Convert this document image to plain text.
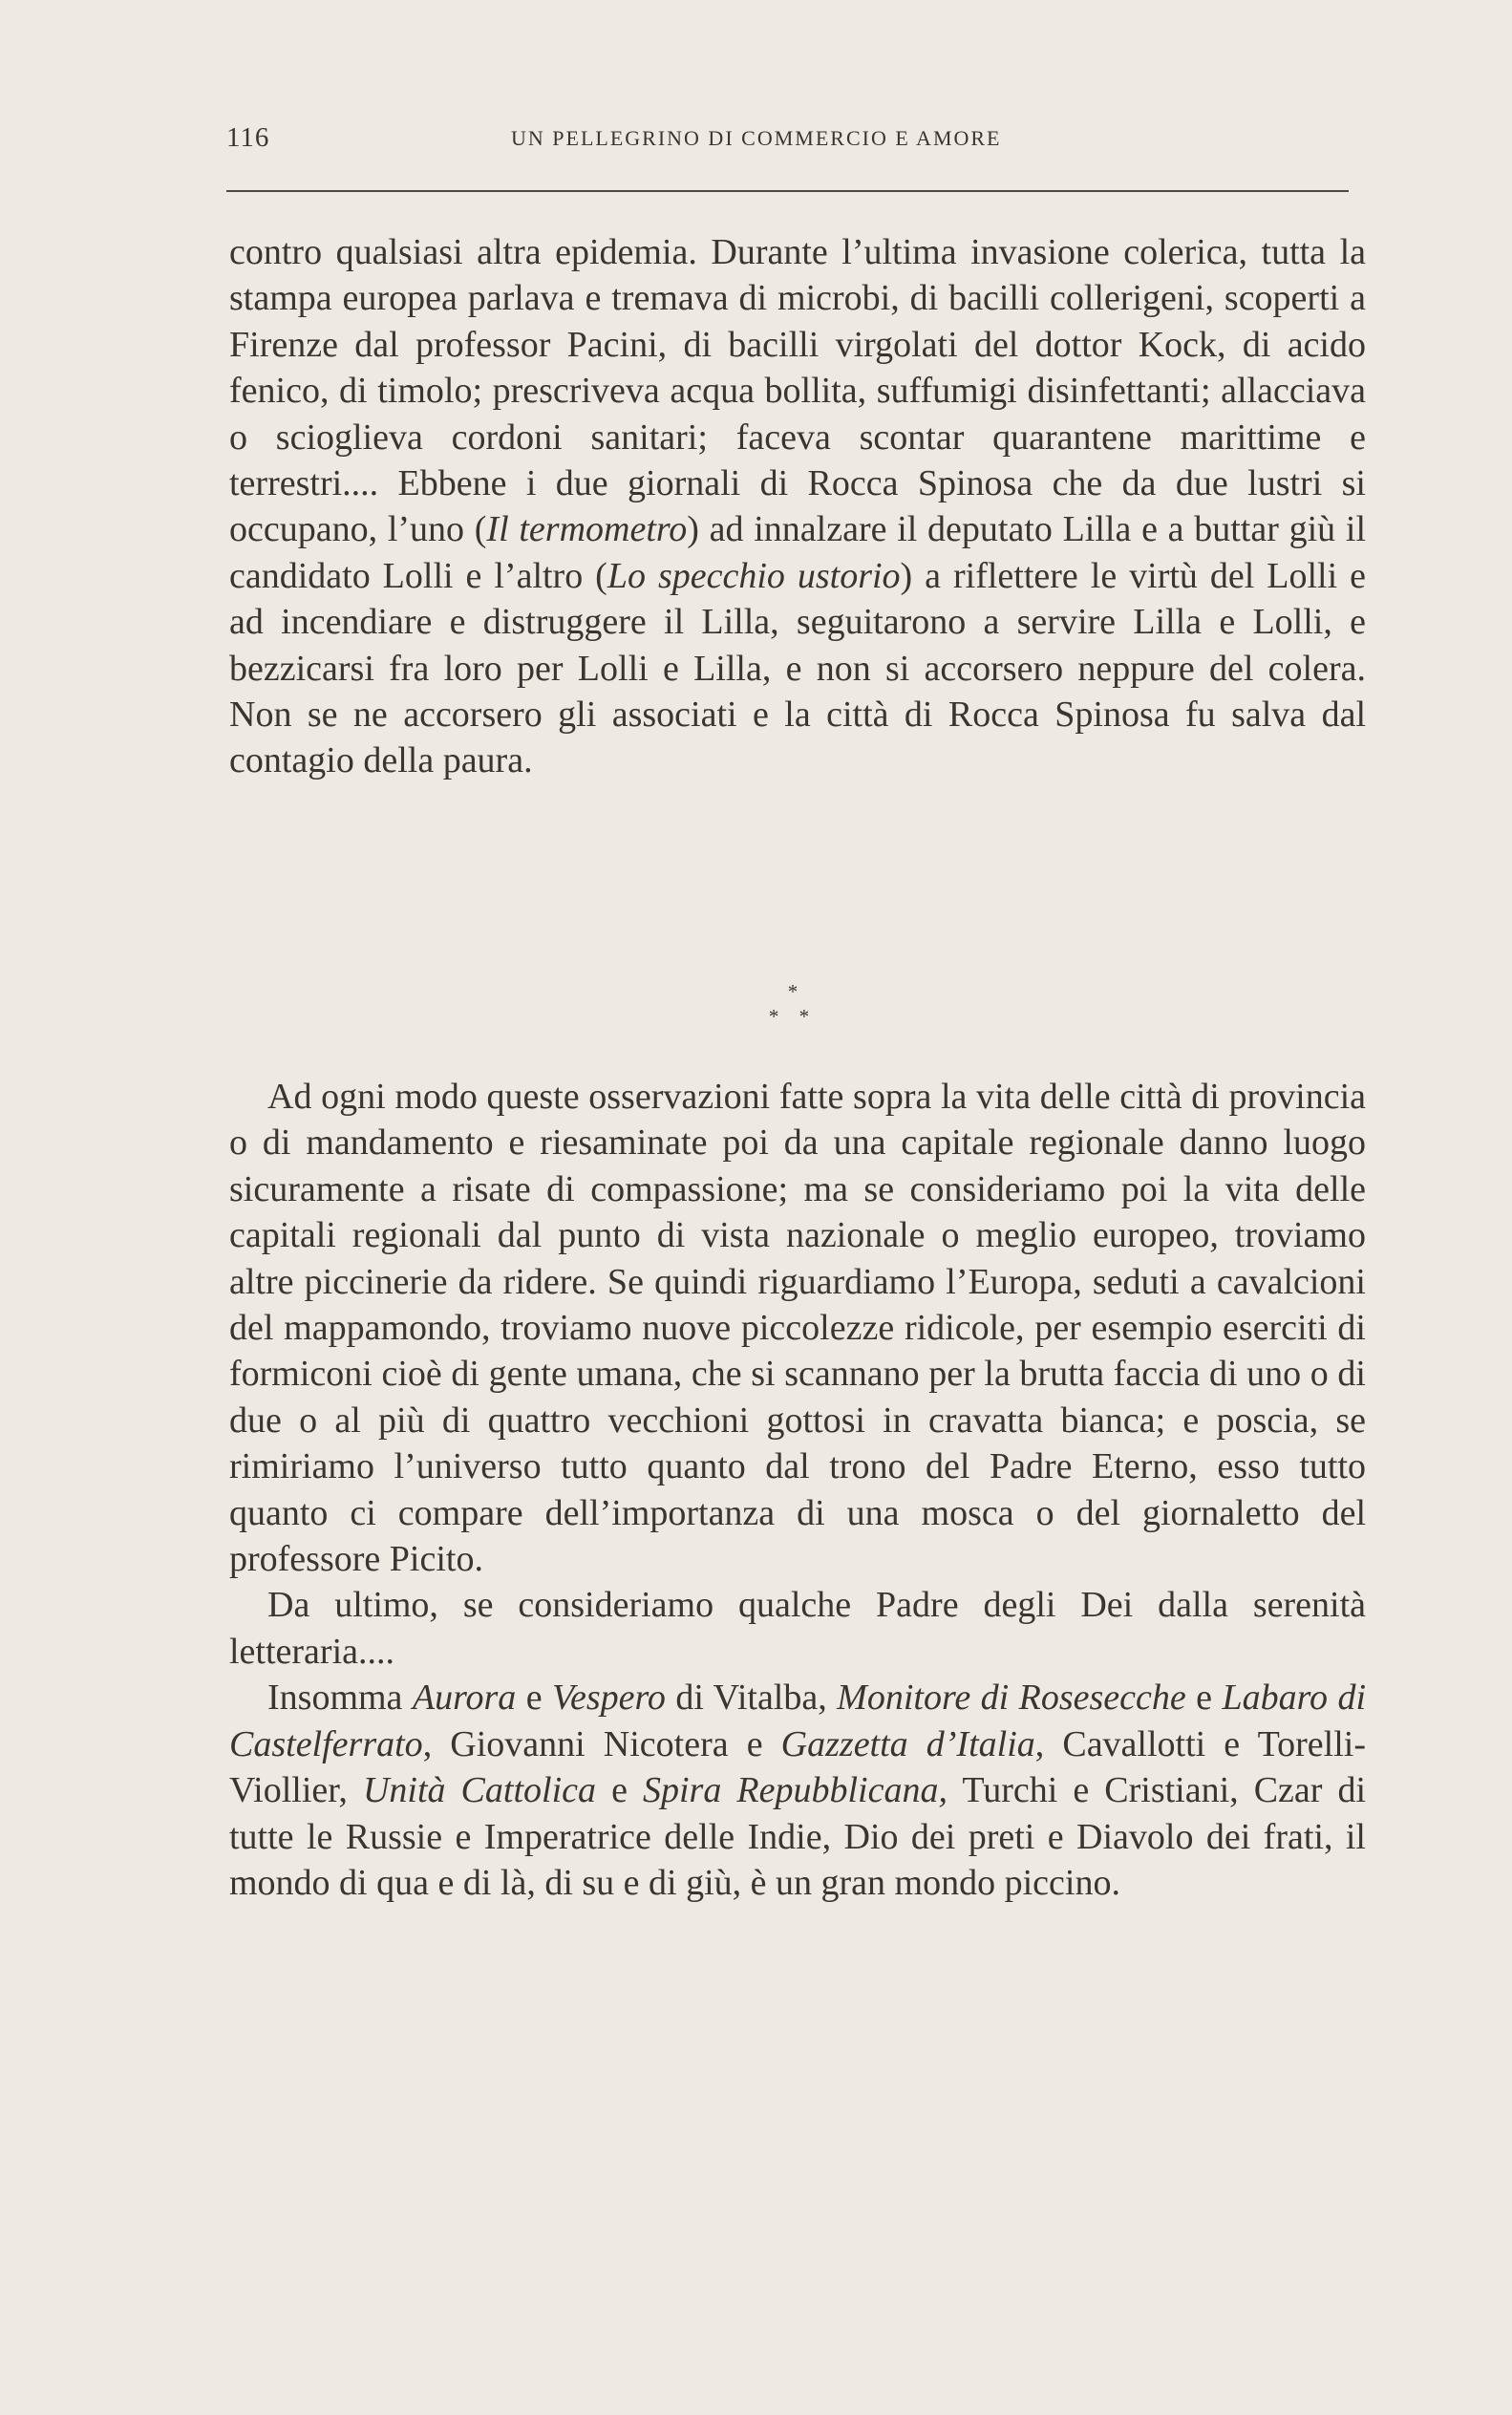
116	UN PELLEGRINO DI COMMERCIO E AMORE

contro qualsiasi altra epidemia. Durante l’ultima invasione colerica, tutta la stampa europea parlava e tremava di microbi, di bacilli collerigeni, scoperti a Firenze dal professor Pacini, di bacilli virgolati del dottor Kock, di acido fenico, di timolo; prescriveva acqua bollita, suffumigi disinfettanti; allacciava o scioglieva cordoni sanitari; faceva scontar quarantene marittime e terrestri.... Ebbene i due giornali di Rocca Spinosa che da due lustri si occupano, l’uno (Il termometro) ad innalzare il deputato Lilla e a buttar giù il candidato Lolli e l’altro (Lo specchio ustorio) a riflettere le virtù del Lolli e ad incendiare e distruggere il Lilla, seguitarono a servire Lilla e Lolli, e bezzicarsi fra loro per Lolli e Lilla, e non si accorsero neppure del colera. Non se ne accorsero gli associati e la città di Rocca Spinosa fu salva dal contagio della paura.

*
* *

Ad ogni modo queste osservazioni fatte sopra la vita delle città di provincia o di mandamento e riesaminate poi da una capitale regionale danno luogo sicuramente a risate di compassione; ma se consideriamo poi la vita delle capitali regionali dal punto di vista nazionale o meglio europeo, troviamo altre piccinerie da ridere. Se quindi riguardiamo l’Europa, seduti a cavalcioni del mappamondo, troviamo nuove piccolezze ridicole, per esempio eserciti di formiconi cioè di gente umana, che si scannano per la brutta faccia di uno o di due o al più di quattro vecchioni gottosi in cravatta bianca; e poscia, se rimiriamo l’universo tutto quanto dal trono del Padre Eterno, esso tutto quanto ci compare dell’importanza di una mosca o del giornaletto del professore Picito.

Da ultimo, se consideriamo qualche Padre degli Dei dalla serenità letteraria....

Insomma Aurora e Vespero di Vitalba, Monitore di Rosesecche e Labaro di Castelferrato, Giovanni Nicotera e Gazzetta d’Italia, Cavallotti e Torelli-Viollier, Unità Cattolica e Spira Repubblicana, Turchi e Cristiani, Czar di tutte le Russie e Imperatrice delle Indie, Dio dei preti e Diavolo dei frati, il mondo di qua e di là, di su e di giù, è un gran mondo piccino.
